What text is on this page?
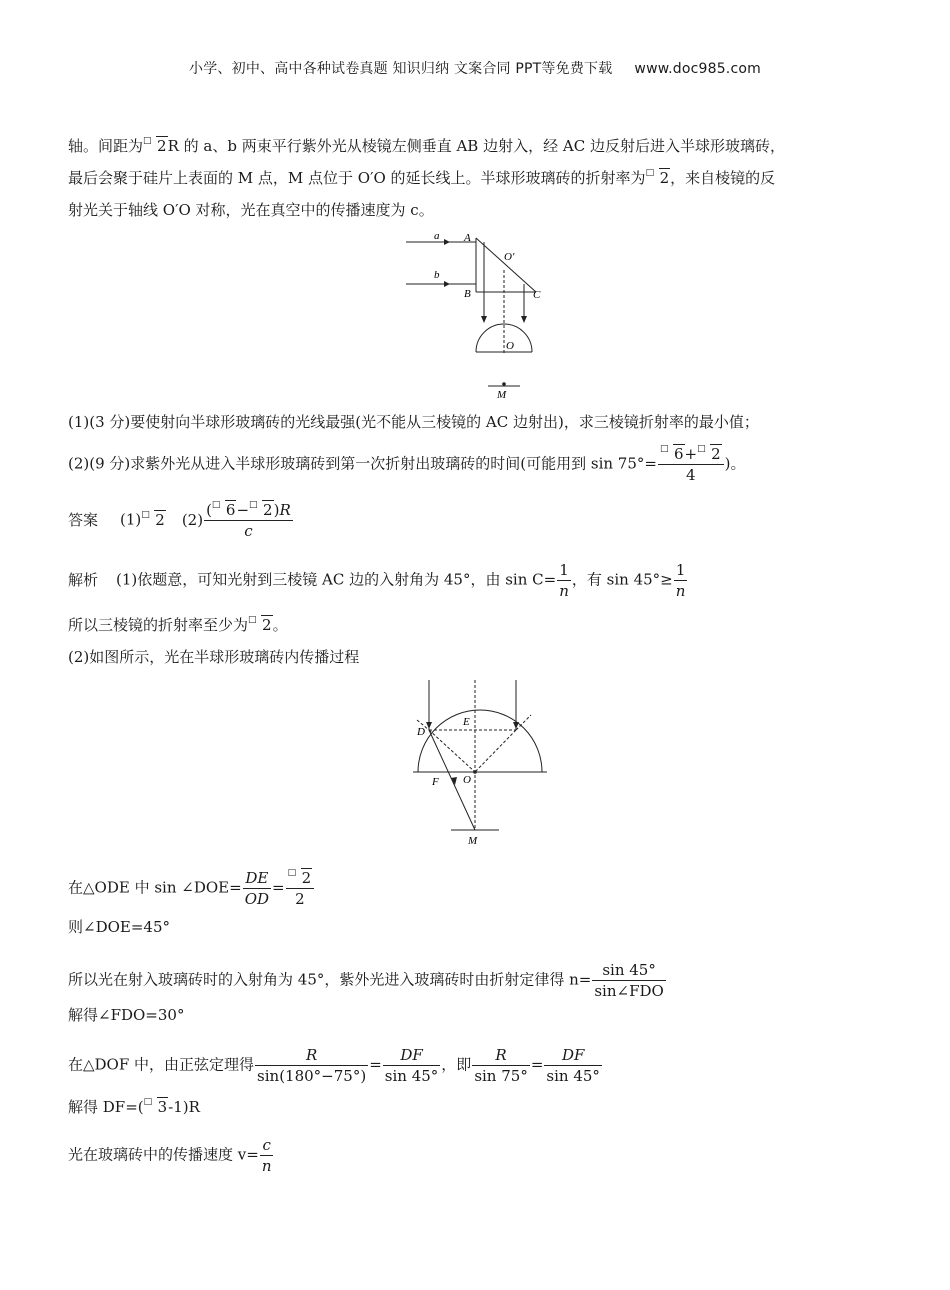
小学、初中、高中各种试卷真题 知识归纳 文案合同 PPT等免费下载 www.doc985.com
轴。间距为 □ 2R 的 a、b 两束平行紫外光从棱镜左侧垂直 AB 边射入，经 AC 边反射后进入半球形玻璃砖，
最后会聚于硅片上表面的 M 点，M 点位于 O′O 的延长线上。半球形玻璃砖的折射率为 □ 2，来自棱镜的反
射光关于轴线 O′O 对称，光在真空中的传播速度为 c。
a
b
A
B	C
O′
O
M
(1)(3 分)要使射向半球形玻璃砖的光线最强(光不能从三棱镜的 AC 边射出)，求三棱镜折射率的最小值；
(2)(9 分)求紫外光从进入半球形玻璃砖到第一次折射出玻璃砖的时间(可能用到 $\sin 75^\circ= \frac{□ 6+ □ 2}{4}$ )。
答案 (1) □ 2 $(2) \frac{( □ 6- □ 2)R}{c}$
解析 (1)依题意，可知光射到三棱镜 AC 边的入射角为 45°，由 $\sin C= \frac{1}{n}$ ，有 $\sin 45^\circ\ge \frac{1}{n}$
所以三棱镜的折射率至少为 □ 2。
(2)如图所示，光在半球形玻璃砖内传播过程
D
E
F O
M
在△ODE 中 sin ∠DOE= $\frac{DE}{OD} = \frac{□ 2}{2}$
则∠DOE=45°
所以光在射入玻璃砖时的入射角为 45°，紫外光进入玻璃砖时由折射定律得 $n= \frac{\sin 45^\circ}{\text{sin∠FDO}}$
解得∠FDO=30°
在△DOF 中，由正弦定理得 $\frac{R}{\sin(180^\circ-75^\circ)} = \frac{DF}{\sin 45^\circ}$ ，即 $\frac{R}{\sin 75^\circ} = \frac{DF}{\sin 45^\circ}$
解得 DF=( □ 3-1)R
光在玻璃砖中的传播速度 $v= \frac{c}{n}$
